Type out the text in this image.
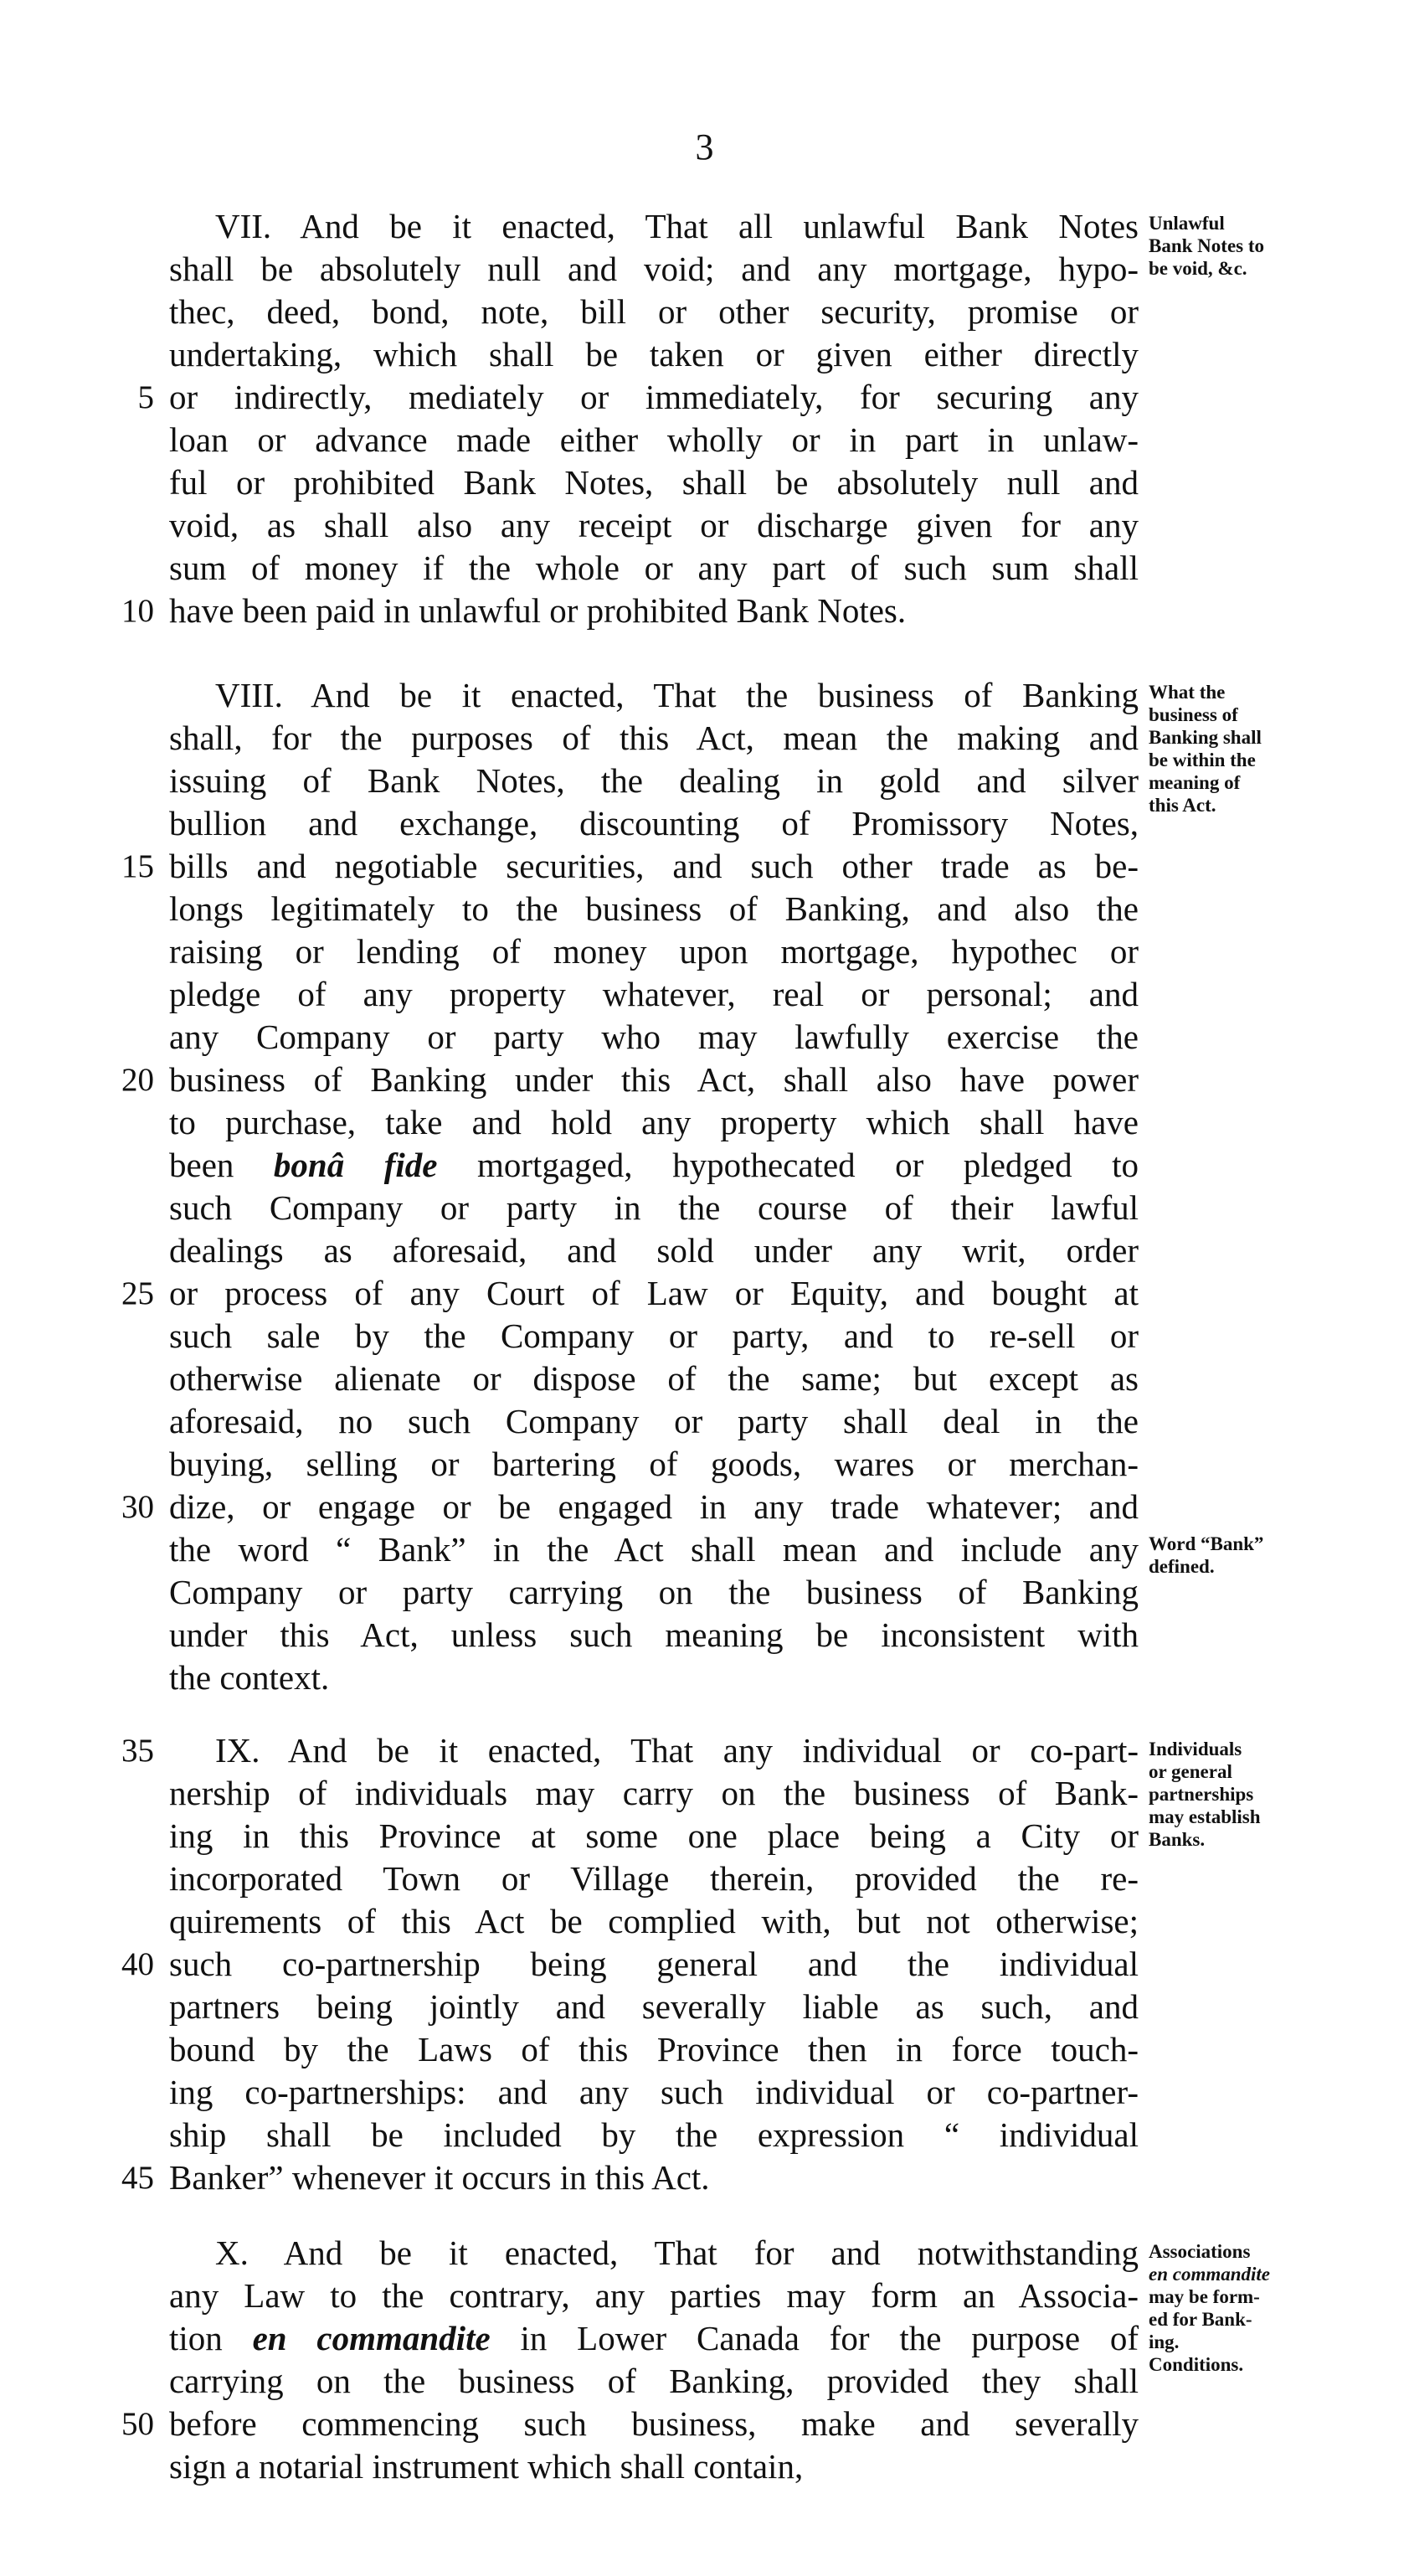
3
VII. And be it enacted, That all unlawful Bank Notes
shall be absolutely null and void; and any mortgage, hypo-
thec, deed, bond, note, bill or other security, promise or
undertaking, which shall be taken or given either directly
5 or indirectly, mediately or immediately, for securing any
loan or advance made either wholly or in part in unlaw-
ful or prohibited Bank Notes, shall be absolutely null and
void, as shall also any receipt or discharge given for any
sum of money if the whole or any part of such sum shall
10 have been paid in unlawful or prohibited Bank Notes.
Unlawful
Bank Notes to
be void, &c.
VIII. And be it enacted, That the business of Banking
shall, for the purposes of this Act, mean the making and
issuing of Bank Notes, the dealing in gold and silver
bullion and exchange, discounting of Promissory Notes,
15 bills and negotiable securities, and such other trade as be-
longs legitimately to the business of Banking, and also the
raising or lending of money upon mortgage, hypothec or
pledge of any property whatever, real or personal; and
any Company or party who may lawfully exercise the
20 business of Banking under this Act, shall also have power
to purchase, take and hold any property which shall have
been bonâ fide mortgaged, hypothecated or pledged to
such Company or party in the course of their lawful
dealings as aforesaid, and sold under any writ, order
25 or process of any Court of Law or Equity, and bought at
such sale by the Company or party, and to re-sell or
otherwise alienate or dispose of the same; but except as
aforesaid, no such Company or party shall deal in the
buying, selling or bartering of goods, wares or merchan-
30 dize, or engage or be engaged in any trade whatever; and
the word “ Bank” in the Act shall mean and include any
Company or party carrying on the business of Banking
under this Act, unless such meaning be inconsistent with
the context.
What the
business of
Banking shall
be within the
meaning of
this Act.
Word “Bank”
defined.
35	IX. And be it enacted, That any individual or co-part-
nership of individuals may carry on the business of Bank-
ing in this Province at some one place being a City or
incorporated Town or Village therein, provided the re-
quirements of this Act be complied with, but not otherwise;
40 such co-partnership being general and the individual
partners being jointly and severally liable as such, and
bound by the Laws of this Province then in force touch-
ing co-partnerships: and any such individual or co-partner-
ship shall be included by the expression “ individual
45 Banker” whenever it occurs in this Act.
Individuals
or general
partnerships
may establish
Banks.
X. And be it enacted, That for and notwithstanding
any Law to the contrary, any parties may form an Associa-
tion en commandite in Lower Canada for the purpose of
carrying on the business of Banking, provided they shall
50 before commencing such business, make and severally
sign a notarial instrument which shall contain,
Associations
en commandite
may be form-
ed for Bank-
ing.
Conditions.
